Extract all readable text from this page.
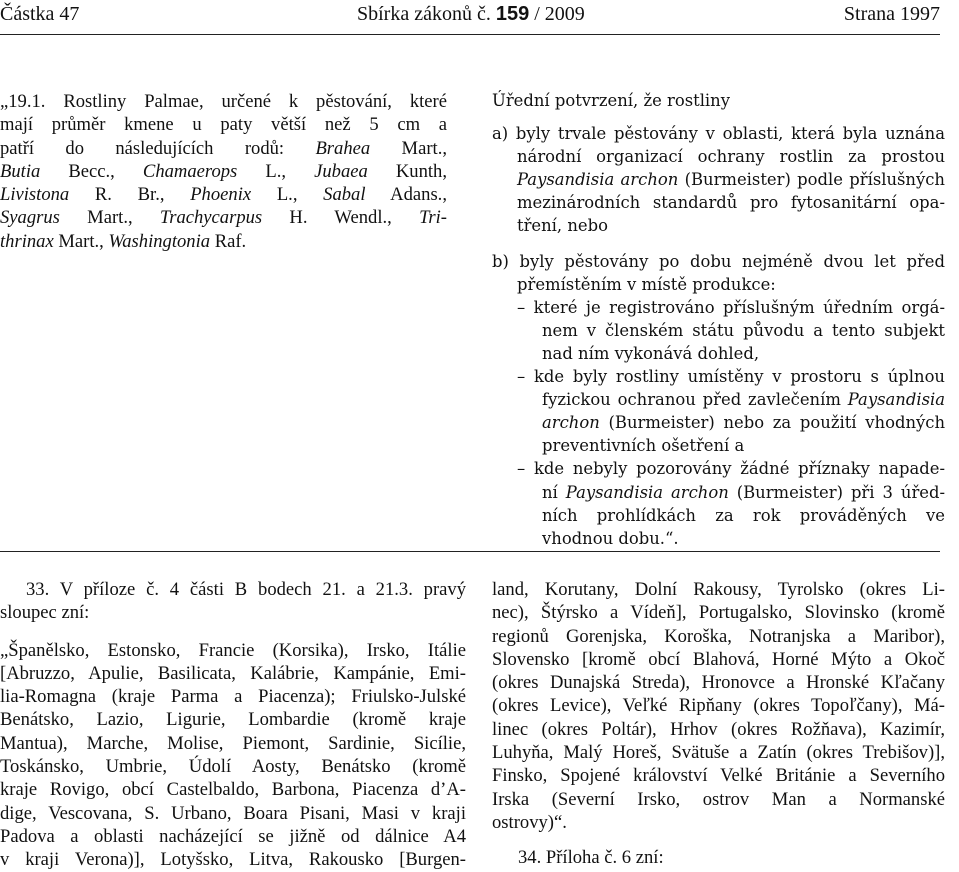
Částka 47	Sbírka zákonů č. 159 / 2009	Strana 1997
„19.1. Rostliny Palmae, určené k pěstování, které
mají průměr kmene u paty větší než 5 cm a
patří do následujících rodů: Brahea Mart.,
Butia Becc., Chamaerops L., Jubaea Kunth,
Livistona R. Br., Phoenix L., Sabal Adans.,
Syagrus Mart., Trachycarpus H. Wendl., Tri-
thrinax Mart., Washingtonia Raf.
Úřední potvrzení, že rostliny
a) byly trvale pěstovány v oblasti, která byla uznána
národní organizací ochrany rostlin za prostou
Paysandisia archon (Burmeister) podle příslušných
mezinárodních standardů pro fytosanitární opa-
tření, nebo
b) byly pěstovány po dobu nejméně dvou let před
přemístěním v místě produkce:
– které je registrováno příslušným úředním orgá-
nem v členském státu původu a tento subjekt
nad ním vykonává dohled,
– kde byly rostliny umístěny v prostoru s úplnou
fyzickou ochranou před zavlečením Paysandisia
archon (Burmeister) nebo za použití vhodných
preventivních ošetření a
– kde nebyly pozorovány žádné příznaky napade-
ní Paysandisia archon (Burmeister) při 3 úřed-
ních prohlídkách za rok prováděných ve
vhodnou dobu.“.
33. V příloze č. 4 části B bodech 21. a 21.3. pravý
sloupec zní:
„Španělsko, Estonsko, Francie (Korsika), Irsko, Itálie
[Abruzzo, Apulie, Basilicata, Kalábrie, Kampánie, Emi-
lia-Romagna (kraje Parma a Piacenza); Friulsko-Julské
Benátsko, Lazio, Ligurie, Lombardie (kromě kraje
Mantua), Marche, Molise, Piemont, Sardinie, Sicílie,
Toskánsko, Umbrie, Údolí Aosty, Benátsko (kromě
kraje Rovigo, obcí Castelbaldo, Barbona, Piacenza d’A-
dige, Vescovana, S. Urbano, Boara Pisani, Masi v kraji
Padova a oblasti nacházející se jižně od dálnice A4
v kraji Verona)], Lotyšsko, Litva, Rakousko [Burgen-
land, Korutany, Dolní Rakousy, Tyrolsko (okres Li-
nec), Štýrsko a Vídeň], Portugalsko, Slovinsko (kromě
regionů Gorenjska, Koroška, Notranjska a Maribor),
Slovensko [kromě obcí Blahová, Horné Mýto a Okoč
(okres Dunajská Streda), Hronovce a Hronské Kľačany
(okres Levice), Veľké Ripňany (okres Topoľčany), Má-
linec (okres Poltár), Hrhov (okres Rožňava), Kazimír,
Luhyňa, Malý Horeš, Svätuše a Zatín (okres Trebišov)],
Finsko, Spojené království Velké Británie a Severního
Irska (Severní Irsko, ostrov Man a Normanské
ostrovy)“.
34. Příloha č. 6 zní:
